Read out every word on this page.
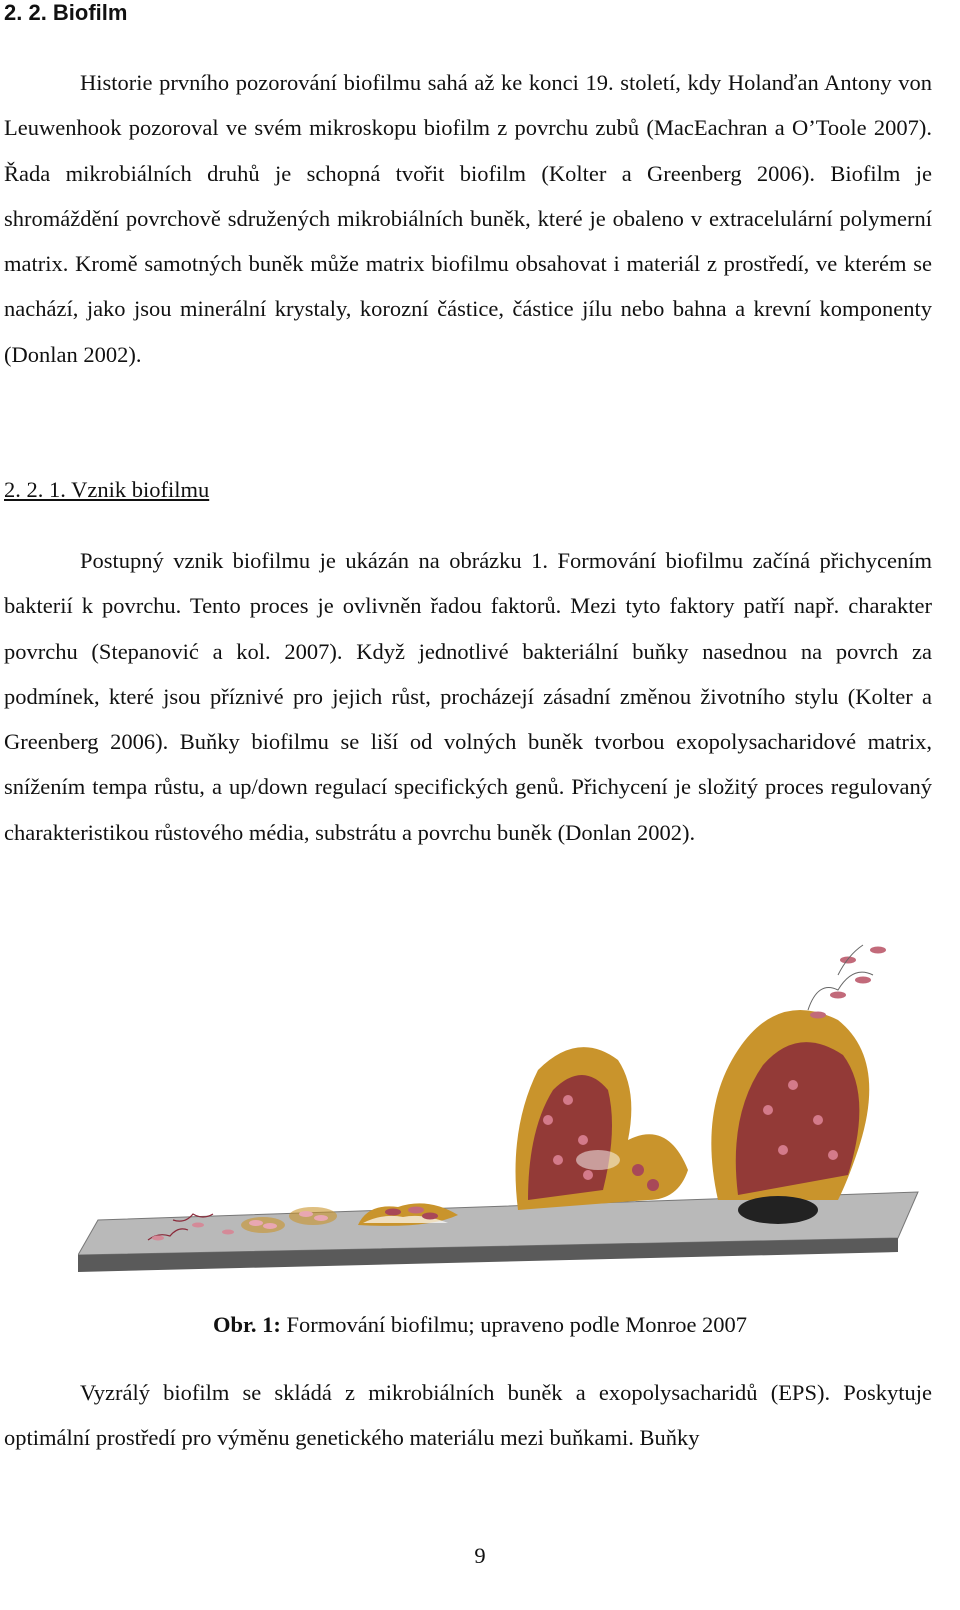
2. 2. Biofilm

Historie prvního pozorování biofilmu sahá až ke konci 19. století, kdy Holanďan Antony von Leuwenhook pozoroval ve svém mikroskopu biofilm z povrchu zubů (MacEachran a O’Toole 2007). Řada mikrobiálních druhů je schopná tvořit biofilm (Kolter a Greenberg 2006). Biofilm je shromáždění povrchově sdružených mikrobiálních buněk, které je obaleno v extracelulární polymerní matrix. Kromě samotných buněk může matrix biofilmu obsahovat i materiál z prostředí, ve kterém se nachází, jako jsou minerální krystaly, korozní částice, částice jílu nebo bahna a krevní komponenty (Donlan 2002).

2. 2. 1. Vznik biofilmu

Postupný vznik biofilmu je ukázán na obrázku 1. Formování biofilmu začíná přichycením bakterií k povrchu. Tento proces je ovlivněn řadou faktorů. Mezi tyto faktory patří např. charakter povrchu (Stepanović a kol. 2007). Když jednotlivé bakteriální buňky nasednou na povrch za podmínek, které jsou příznivé pro jejich růst, procházejí zásadní změnou životního stylu (Kolter a Greenberg 2006). Buňky biofilmu se liší od volných buněk tvorbou exopolysacharidové matrix, snížením tempa růstu, a up/down regulací specifických genů. Přichycení je složitý proces regulovaný charakteristikou růstového média, substrátu a povrchu buněk (Donlan 2002).

Obr. 1: Formování biofilmu; upraveno podle Monroe 2007

Vyzrálý biofilm se skládá z mikrobiálních buněk a exopolysacharidů (EPS). Poskytuje optimální prostředí pro výměnu genetického materiálu mezi buňkami. Buňky

9
